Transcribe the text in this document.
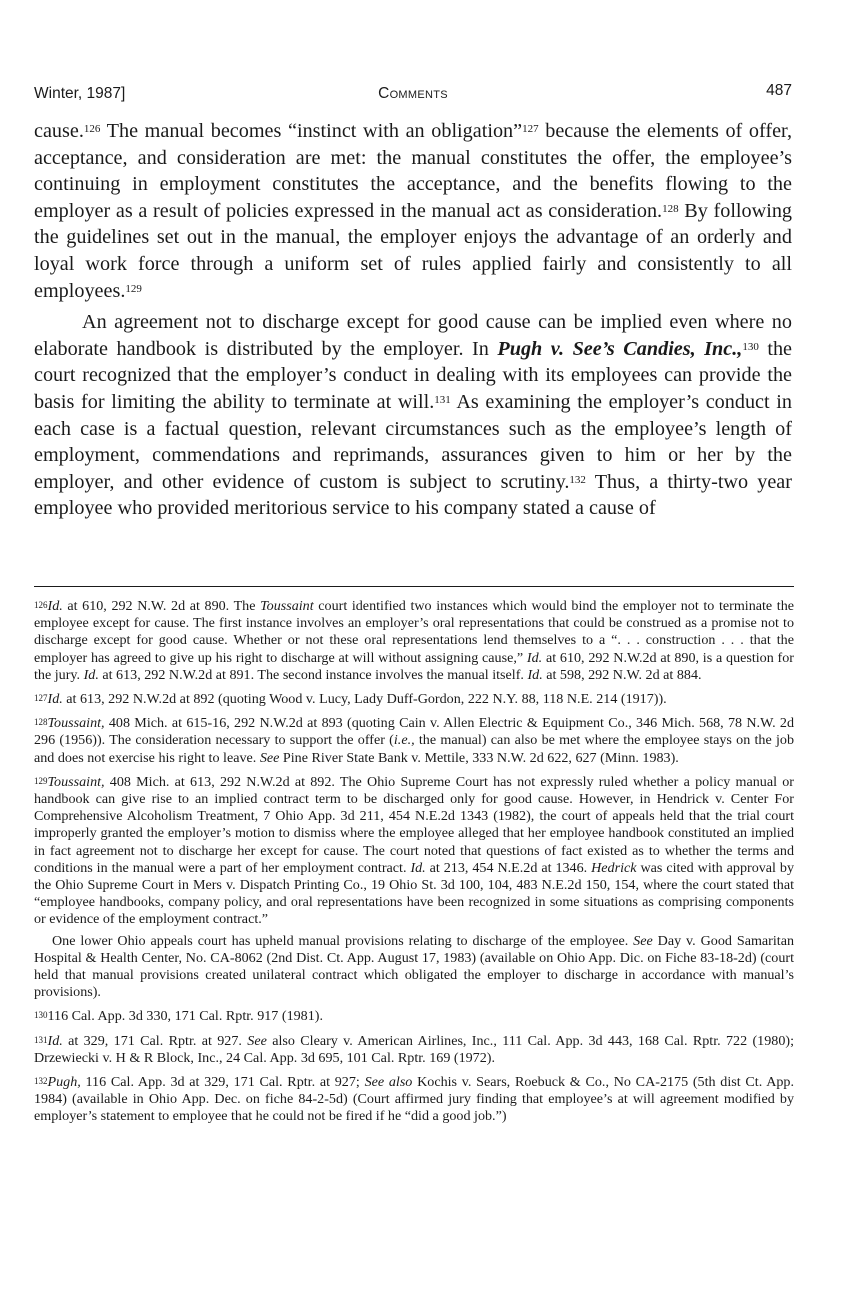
Winter, 1987]	Comments	487

cause.$^{126}$ The manual becomes “instinct with an obligation”$^{127}$ because the elements of offer, acceptance, and consideration are met: the manual constitutes the offer, the employee’s continuing in employment constitutes the acceptance, and the benefits flowing to the employer as a result of policies expressed in the manual act as consideration.$^{128}$ By following the guidelines set out in the manual, the employer enjoys the advantage of an orderly and loyal work force through a uniform set of rules applied fairly and consistently to all employees.$^{129}$

An agreement not to discharge except for good cause can be implied even where no elaborate handbook is distributed by the employer. In Pugh v. See’s Candies, Inc.,$^{130}$ the court recognized that the employer’s conduct in dealing with its employees can provide the basis for limiting the ability to terminate at will.$^{131}$ As examining the employer’s conduct in each case is a factual question, relevant circumstances such as the employee’s length of employment, commendations and reprimands, assurances given to him or her by the employer, and other evidence of custom is subject to scrutiny.$^{132}$ Thus, a thirty-two year employee who provided meritorious service to his company stated a cause of

$^{126}$Id. at 610, 292 N.W. 2d at 890. The Toussaint court identified two instances which would bind the employer not to terminate the employee except for cause. The first instance involves an employer’s oral representations that could be construed as a promise not to discharge except for good cause. Whether or not these oral representations lend themselves to a “. . . construction . . . that the employer has agreed to give up his right to discharge at will without assigning cause,” Id. at 610, 292 N.W.2d at 890, is a question for the jury. Id. at 613, 292 N.W.2d at 891. The second instance involves the manual itself. Id. at 598, 292 N.W. 2d at 884.

$^{127}$Id. at 613, 292 N.W.2d at 892 (quoting Wood v. Lucy, Lady Duff-Gordon, 222 N.Y. 88, 118 N.E. 214 (1917)).

$^{128}$Toussaint, 408 Mich. at 615-16, 292 N.W.2d at 893 (quoting Cain v. Allen Electric & Equipment Co., 346 Mich. 568, 78 N.W. 2d 296 (1956)). The consideration necessary to support the offer (i.e., the manual) can also be met where the employee stays on the job and does not exercise his right to leave. See Pine River State Bank v. Mettile, 333 N.W. 2d 622, 627 (Minn. 1983).

$^{129}$Toussaint, 408 Mich. at 613, 292 N.W.2d at 892. The Ohio Supreme Court has not expressly ruled whether a policy manual or handbook can give rise to an implied contract term to be discharged only for good cause. However, in Hendrick v. Center For Comprehensive Alcoholism Treatment, 7 Ohio App. 3d 211, 454 N.E.2d 1343 (1982), the court of appeals held that the trial court improperly granted the employer’s motion to dismiss where the employee alleged that her employee handbook constituted an implied in fact agreement not to discharge her except for cause. The court noted that questions of fact existed as to whether the terms and conditions in the manual were a part of her employment contract. Id. at 213, 454 N.E.2d at 1346. Hedrick was cited with approval by the Ohio Supreme Court in Mers v. Dispatch Printing Co., 19 Ohio St. 3d 100, 104, 483 N.E.2d 150, 154, where the court stated that “employee handbooks, company policy, and oral representations have been recognized in some situations as comprising components or evidence of the employment contract.”

One lower Ohio appeals court has upheld manual provisions relating to discharge of the employee. See Day v. Good Samaritan Hospital & Health Center, No. CA-8062 (2nd Dist. Ct. App. August 17, 1983) (available on Ohio App. Dic. on Fiche 83-18-2d) (court held that manual provisions created unilateral contract which obligated the employer to discharge in accordance with manual’s provisions).

$^{130}$116 Cal. App. 3d 330, 171 Cal. Rptr. 917 (1981).

$^{131}$Id. at 329, 171 Cal. Rptr. at 927. See also Cleary v. American Airlines, Inc., 111 Cal. App. 3d 443, 168 Cal. Rptr. 722 (1980); Drzewiecki v. H & R Block, Inc., 24 Cal. App. 3d 695, 101 Cal. Rptr. 169 (1972).

$^{132}$Pugh, 116 Cal. App. 3d at 329, 171 Cal. Rptr. at 927; See also Kochis v. Sears, Roebuck & Co., No CA-2175 (5th dist Ct. App. 1984) (available in Ohio App. Dec. on fiche 84-2-5d) (Court affirmed jury finding that employee’s at will agreement modified by employer’s statement to employee that he could not be fired if he “did a good job.”)
